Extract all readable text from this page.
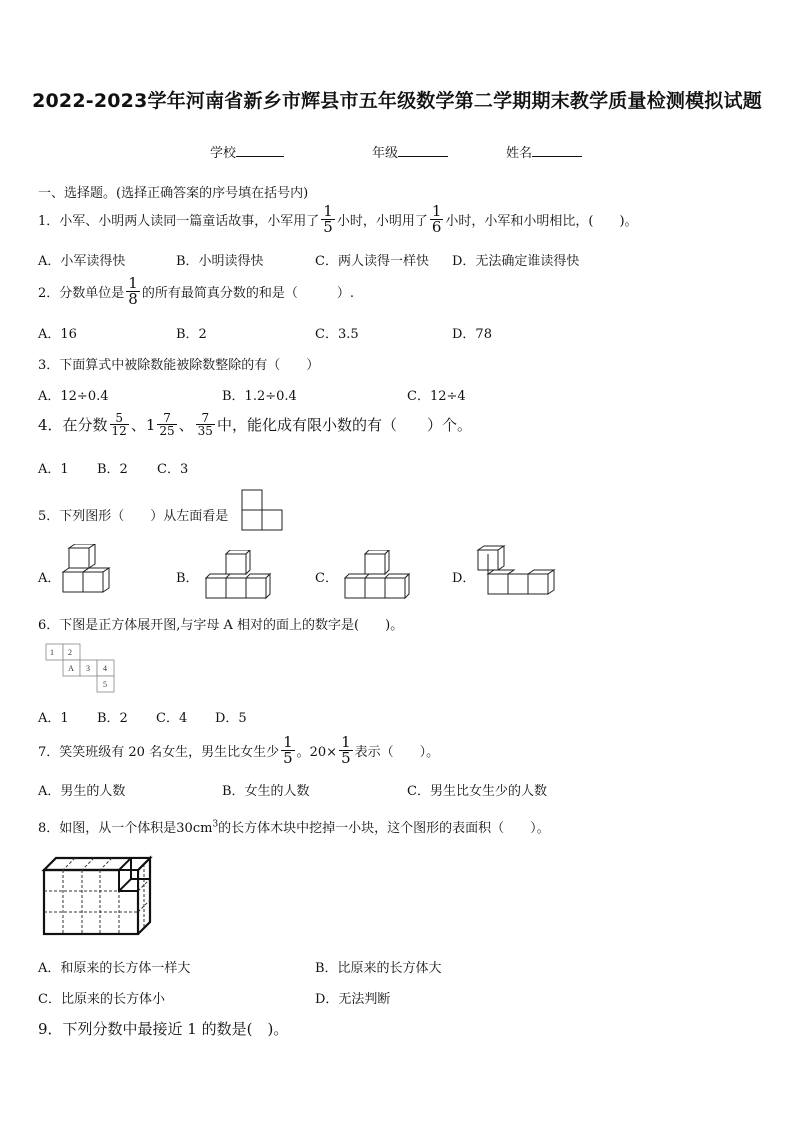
2022-2023学年河南省新乡市辉县市五年级数学第二学期期末教学质量检测模拟试题
学校	年级	姓名
一、选择题。(选择正确答案的序号填在括号内)
1．小军、小明两人读同一篇童话故事，小军用了 $\frac{1}{5}$ 小时，小明用了 $\frac{1}{6}$ 小时，小军和小明相比，(　　)。
A．小军读得快	B．小明读得快	C．两人读得一样快 D．无法确定谁读得快
2．分数单位是 $\frac{1}{8}$ 的所有最简真分数的和是（　　　）.
A．16	B．2	C．3.5	D．78
3．下面算式中被除数能被除数整除的有（　　）
A．12÷0.4	B．1.2÷0.4	C．12÷4
4．在分数 $\frac{5}{12}$ 、$1 \frac{7}{25}$ 、 $\frac{7}{35}$ 中，能化成有限小数的有（　　）个。
A．1 B．2 C．3
5．下列图形（　　）从左面看是
A．	B．	C．	D．
6．下图是正方体展开图,与字母 A 相对的面上的数字是(　　)。
1 2
A 3 4
5
A．1 B．2 C．4 D．5
7．笑笑班级有 20 名女生，男生比女生少 $\frac{1}{5}$ 。$20\times \frac{1}{5}$ 表示（　　）。
A．男生的人数	B．女生的人数	C．男生比女生少的人数
8．如图，从一个体积是$30cm^3$的长方体木块中挖掉一小块，这个图形的表面积（　　）。
A．和原来的长方体一样大	B．比原来的长方体大
C．比原来的长方体小	D．无法判断
9．下列分数中最接近 1 的数是(　)。
